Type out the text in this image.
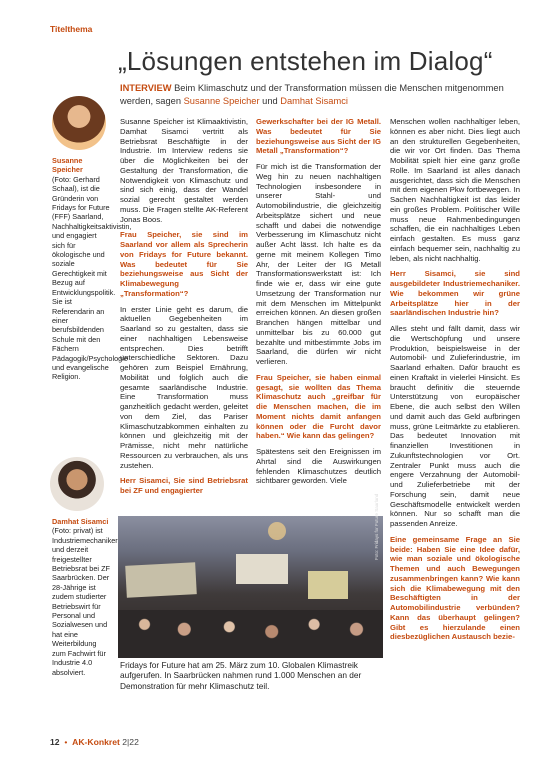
Titelthema
„Lösungen entstehen im Dialog“
INTERVIEW Beim Klimaschutz und der Transformation müssen die Menschen mitgenommen werden, sagen Susanne Speicher und Damhat Sisamci
Susanne Speicher
(Foto: Gerhard Schaal), ist die Gründerin von Fridays for Future (FFF) Saarland, Nachhaltigkeitsaktivistin, und engagiert sich für ökologische und soziale Gerechtigkeit mit Bezug auf Entwicklungspolitik. Sie ist Referendarin an einer berufsbildenden Schule mit den Fächern Pädagogik/Psychologie und evangelische Religion.
Damhat Sisamci
(Foto: privat) ist Industriemechaniker und derzeit freigestellter Betriebsrat bei ZF Saarbrücken. Der 28-Jährige ist zudem studierter Betriebswirt für Personal und Sozialwesen und hat eine Weiterbildung zum Fachwirt für Industrie 4.0 absolviert.

Susanne Speicher ist Klimaaktivistin, Damhat Sisamci vertritt als Betriebsrat Beschäftigte in der Industrie. Im Interview redens sie über die Möglichkeiten bei der Gestaltung der Transformation, die Notwendigkeit von Klimaschutz und sind sich einig, dass der Wandel sozial gerecht gestaltet werden muss. Die Fragen stellte AK-Referent Jonas Boos.

Frau Speicher, sie sind im Saarland vor allem als Sprecherin von Fridays for Future bekannt. Was bedeutet für Sie beziehungsweise aus Sicht der Klimabewegung „Transformation“?

In erster Linie geht es darum, die aktuellen Gegebenheiten im Saarland so zu gestalten, dass sie einer nachhaltigen Lebensweise entsprechen. Dies betrifft unterschiedliche Sektoren. Dazu gehören zum Beispiel Ernährung, Mobilität und folglich auch die gesamte saarländische Industrie. Eine Transformation muss ganzheitlich gedacht werden, geleitet von dem Ziel, das Pariser Klimaschutzabkommen einhalten zu können und gleichzeitig mit der Prämisse, nicht mehr natürliche Ressourcen zu verbrauchen, als uns zustehen.

Herr Sisamci, Sie sind Betriebsrat bei ZF und engagierter

Gewerkschafter bei der IG Metall. Was bedeutet für Sie beziehungsweise aus Sicht der IG Metall „Transformation“?

Für mich ist die Transformation der Weg hin zu neuen nachhaltigen Technologien insbesondere in unserer Stahl- und Automobilindustrie, die gleichzeitig Arbeitsplätze sichert und neue schafft und dabei die notwendige Verbesserung im Klimaschutz nicht außer Acht lässt. Ich halte es da gerne mit meinem Kollegen Timo Ahr, der Leiter der IG Metall Transformationswerkstatt ist: Ich finde wie er, dass wir eine gute Umsetzung der Transformation nur mit dem Menschen im Mittelpunkt erreichen können. An diesen großen Branchen hängen mittelbar und unmittelbar bis zu 60.000 gut bezahlte und mitbestimmte Jobs im Saarland, die dürfen wir nicht verlieren.

Frau Speicher, sie haben einmal gesagt, sie wollten das Thema Klimaschutz auch „greifbar für die Menschen machen, die im Moment nichts damit anfangen können oder die Furcht davor haben.“ Wie kann das gelingen?

Spätestens seit den Ereignissen im Ahrtal sind die Auswirkungen fehlenden Klimaschutzes deutlich sichtbarer geworden. Viele

Menschen wollen nachhaltiger leben, können es aber nicht. Dies liegt auch an den strukturellen Gegebenheiten, die wir vor Ort finden. Das Thema Mobilität spielt hier eine ganz große Rolle. Im Saarland ist alles danach ausgerichtet, dass sich die Menschen mit dem eigenen Pkw fortbewegen. In Sachen Nachhaltigkeit ist das leider ein großes Problem. Politischer Wille muss neue Rahmenbedingungen schaffen, die ein nachhaltiges Leben einfach gestalten. Es muss ganz einfach bequemer sein, nachhaltig zu leben, als nicht nachhaltig.

Herr Sisamci, sie sind ausgebildeter Industriemechaniker. Wie bekommen wir grüne Arbeitsplätze hier in der saarländischen Industrie hin?

Alles steht und fällt damit, dass wir die Wertschöpfung und unsere Produktion, beispielsweise in der Automobil- und Zulieferindustrie, im Saarland erhalten. Dafür braucht es einen Kraftakt in vielerlei Hinsicht. Es braucht definitiv die steuernde Unterstützung von europäischer Ebene, die auch selbst den Willen und damit auch das Geld aufbringen muss, grüne Leitmärkte zu etablieren. Das bedeutet Innovation mit finanziellen Investitionen in Zukunftstechnologien vor Ort. Zentraler Punkt muss auch die engere Verzahnung der Automobil- und Zulieferbetriebe mit der Forschung sein, damit neue Geschäftsmodelle entwickelt werden können. Nur so schafft man die passenden Anreize.

Eine gemeinsame Frage an Sie beide: Haben Sie eine Idee dafür, wie man soziale und ökologische Themen und auch Bewegungen zusammenbringen kann? Wie kann sich die Klimabewegung mit den Beschäftigten in der Automobilindustrie verbünden? Kann das überhaupt gelingen? Gibt es hierzulande einen diesbezüglichen Austausch bezie-

Foto: Fridays for Future Saarland
Fridays for Future hat am 25. März zum 10. Globalen Klimastreik aufgerufen. In Saarbrücken nahmen rund 1.000 Menschen an der Demonstration für mehr Klimaschutz teil.
12 • AK-Konkret 2|22
